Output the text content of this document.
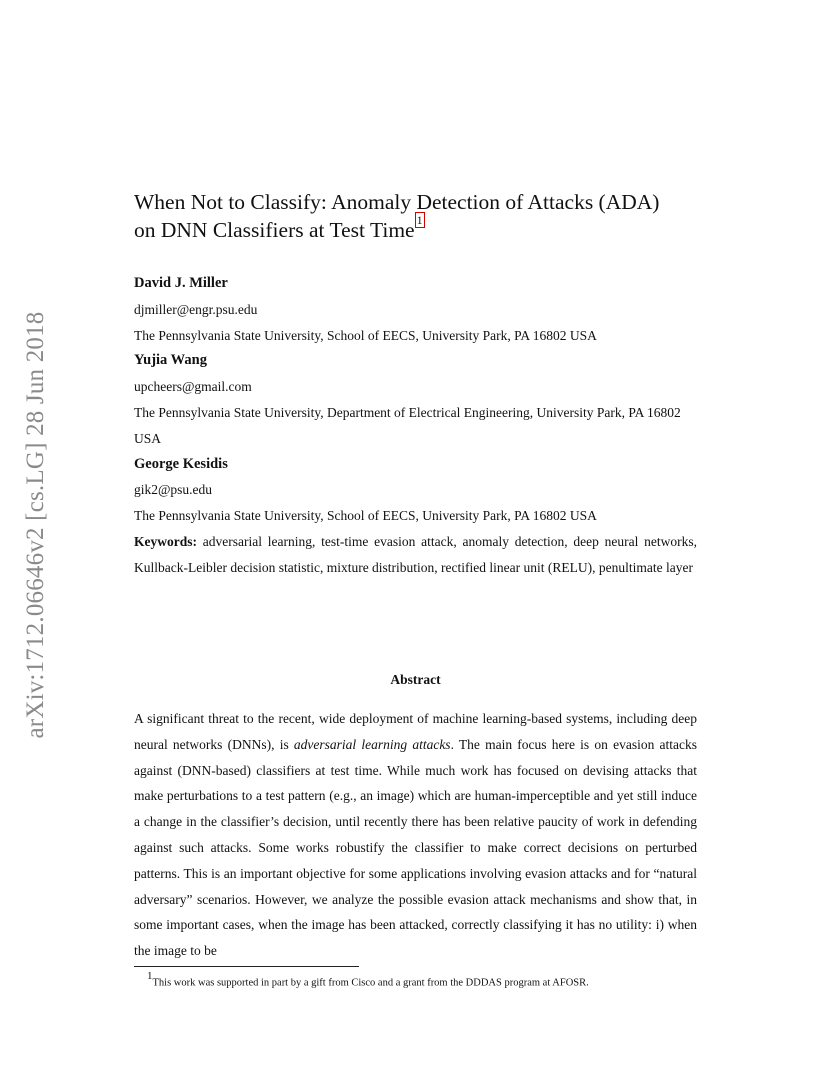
arXiv:1712.06646v2 [cs.LG] 28 Jun 2018
When Not to Classify: Anomaly Detection of Attacks (ADA)
on DNN Classifiers at Test Time $^1$
David J. Miller
djmiller@engr.psu.edu
The Pennsylvania State University, School of EECS, University Park, PA 16802 USA
Yujia Wang
upcheers@gmail.com
The Pennsylvania State University, Department of Electrical Engineering, University Park, PA 16802 USA
George Kesidis
gik2@psu.edu
The Pennsylvania State University, School of EECS, University Park, PA 16802 USA
Keywords: adversarial learning, test-time evasion attack, anomaly detection, deep neural networks, Kullback-Leibler decision statistic, mixture distribution, rectified linear unit (RELU), penultimate layer
Abstract
A significant threat to the recent, wide deployment of machine learning-based systems, including deep neural networks (DNNs), is adversarial learning attacks. The main focus here is on evasion attacks against (DNN-based) classifiers at test time. While much work has focused on devising attacks that make perturbations to a test pattern (e.g., an image) which are human-imperceptible and yet still induce a change in the classifier’s decision, until recently there has been relative paucity of work in defending against such attacks. Some works robustify the classifier to make correct decisions on perturbed patterns. This is an important objective for some applications involving evasion attacks and for “natural adversary” scenarios. However, we analyze the possible evasion attack mechanisms and show that, in some important cases, when the image has been attacked, correctly classifying it has no utility: i) when the image to be
$^1$This work was supported in part by a gift from Cisco and a grant from the DDDAS program at AFOSR.
